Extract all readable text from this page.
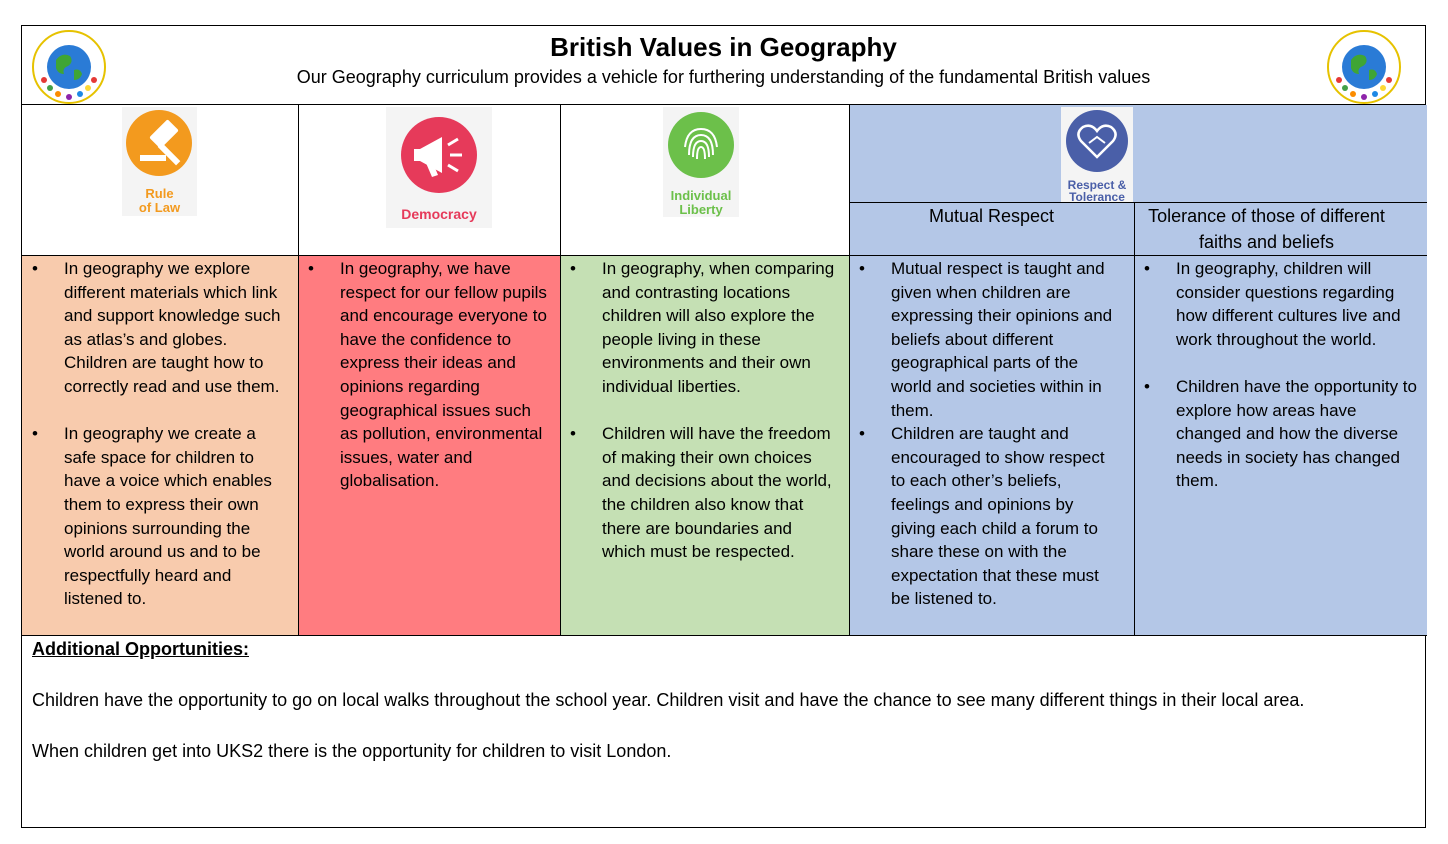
British Values in Geography
Our Geography curriculum provides a vehicle for furthering understanding of the fundamental British values
Rule
of Law	Democracy
Individual
Liberty
Respect &
Tolerance
Mutual Respect	Tolerance of those of different
faiths and beliefs
• In geography we explore different materials which link and support knowledge such as atlas’s and globes. Children are taught how to correctly read and use them.
• In geography we create a safe space for children to have a voice which enables them to express their own opinions surrounding the world around us and to be respectfully heard and listened to.
• In geography, we have respect for our fellow pupils and encourage everyone to have the confidence to express their ideas and opinions regarding geographical issues such as pollution, environmental issues, water and globalisation.
• In geography, when comparing and contrasting locations children will also explore the people living in these environments and their own individual liberties.
• Children will have the freedom of making their own choices and decisions about the world, the children also know that there are boundaries and which must be respected.
• Mutual respect is taught and given when children are expressing their opinions and beliefs about different geographical parts of the world and societies within in them.
• Children are taught and encouraged to show respect to each other’s beliefs, feelings and opinions by giving each child a forum to share these on with the expectation that these must be listened to.
• In geography, children will consider questions regarding how different cultures live and work throughout the world.
• Children have the opportunity to explore how areas have changed and how the diverse needs in society has changed them.
Additional Opportunities:
Children have the opportunity to go on local walks throughout the school year. Children visit and have the chance to see many different things in their local area.
When children get into UKS2 there is the opportunity for children to visit London.
